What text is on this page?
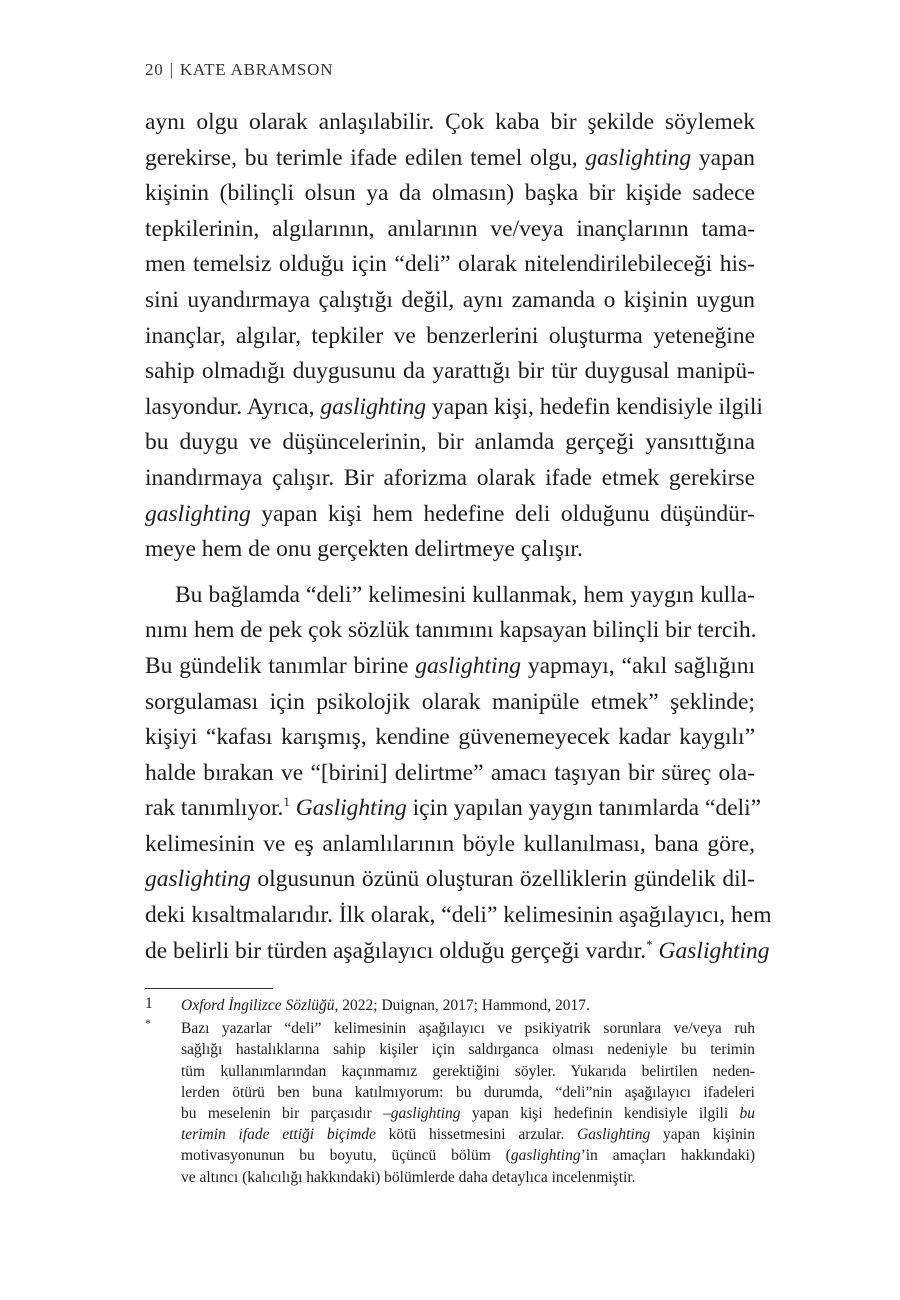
20 | KATE ABRAMSON
aynı olgu olarak anlaşılabilir. Çok kaba bir şekilde söylemek
gerekirse, bu terimle ifade edilen temel olgu, gaslighting yapan
kişinin (bilinçli olsun ya da olmasın) başka bir kişide sadece
tepkilerinin, algılarının, anılarının ve/veya inançlarının tama-
men temelsiz olduğu için “deli” olarak nitelendirilebileceği his-
sini uyandırmaya çalıştığı değil, aynı zamanda o kişinin uygun
inançlar, algılar, tepkiler ve benzerlerini oluşturma yeteneğine
sahip olmadığı duygusunu da yarattığı bir tür duygusal manipü-
lasyondur. Ayrıca, gaslighting yapan kişi, hedefin kendisiyle ilgili
bu duygu ve düşüncelerinin, bir anlamda gerçeği yansıttığına
inandırmaya çalışır. Bir aforizma olarak ifade etmek gerekirse
gaslighting yapan kişi hem hedefine deli olduğunu düşündür-
meye hem de onu gerçekten delirtmeye çalışır.
Bu bağlamda “deli” kelimesini kullanmak, hem yaygın kulla-
nımı hem de pek çok sözlük tanımını kapsayan bilinçli bir tercih.
Bu gündelik tanımlar birine gaslighting yapmayı, “akıl sağlığını
sorgulaması için psikolojik olarak manipüle etmek” şeklinde;
kişiyi “kafası karışmış, kendine güvenemeyecek kadar kaygılı”
halde bırakan ve “[birini] delirtme” amacı taşıyan bir süreç ola-
rak tanımlıyor.$^1$ Gaslighting için yapılan yaygın tanımlarda “deli”
kelimesinin ve eş anlamlılarının böyle kullanılması, bana göre,
gaslighting olgusunun özünü oluşturan özelliklerin gündelik dil-
deki kısaltmalarıdır. İlk olarak, “deli” kelimesinin aşağılayıcı, hem
de belirli bir türden aşağılayıcı olduğu gerçeği vardır.* Gaslighting
1	Oxford İngilizce Sözlüğü, 2022; Duignan, 2017; Hammond, 2017.
*	Bazı yazarlar “deli” kelimesinin aşağılayıcı ve psikiyatrik sorunlara ve/veya ruh
sağlığı hastalıklarına sahip kişiler için saldırganca olması nedeniyle bu terimin
tüm kullanımlarından kaçınmamız gerektiğini söyler. Yukarıda belirtilen neden-
lerden ötürü ben buna katılmıyorum: bu durumda, “deli”nin aşağılayıcı ifadeleri
bu meselenin bir parçasıdır –gaslighting yapan kişi hedefinin kendisiyle ilgili bu
terimin ifade ettiği biçimde kötü hissetmesini arzular. Gaslighting yapan kişinin
motivasyonunun bu boyutu, üçüncü bölüm (gaslighting’in amaçları hakkındaki)
ve altıncı (kalıcılığı hakkındaki) bölümlerde daha detaylıca incelenmiştir.
